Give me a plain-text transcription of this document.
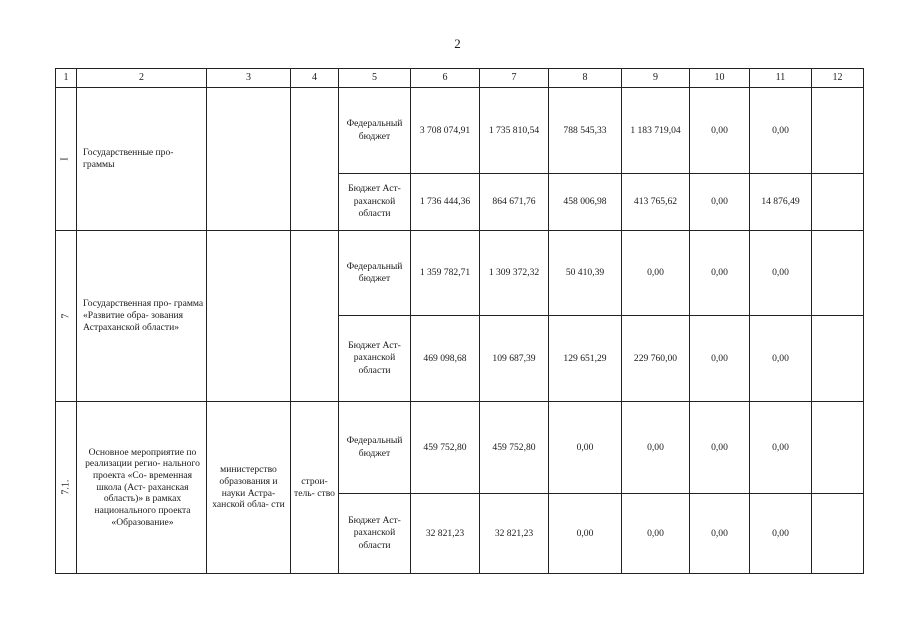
2
1	2	3	4	5	6	7	8	9	10	11	12
I	Государственные про- граммы			Федеральный бюджет	3 708 074,91	1 735 810,54	788 545,33	1 183 719,04	0,00	0,00	
				Бюджет Аст- раханской области	1 736 444,36	864 671,76	458 006,98	413 765,62	0,00	14 876,49	
7	Государственная про- грамма «Развитие обра- зования Астраханской области»			Федеральный бюджет	1 359 782,71	1 309 372,32	50 410,39	0,00	0,00	0,00	
				Бюджет Аст- раханской области	469 098,68	109 687,39	129 651,29	229 760,00	0,00	0,00	
7.1.	Основное мероприятие по реализации регио- нального проекта «Со- временная школа (Аст- раханская область)» в рамках национального проекта «Образование»	министерство образования и науки Астра- ханской обла- сти	строи- тель- ство	Федеральный бюджет	459 752,80	459 752,80	0,00	0,00	0,00	0,00	
				Бюджет Аст- раханской области	32 821,23	32 821,23	0,00	0,00	0,00	0,00	
